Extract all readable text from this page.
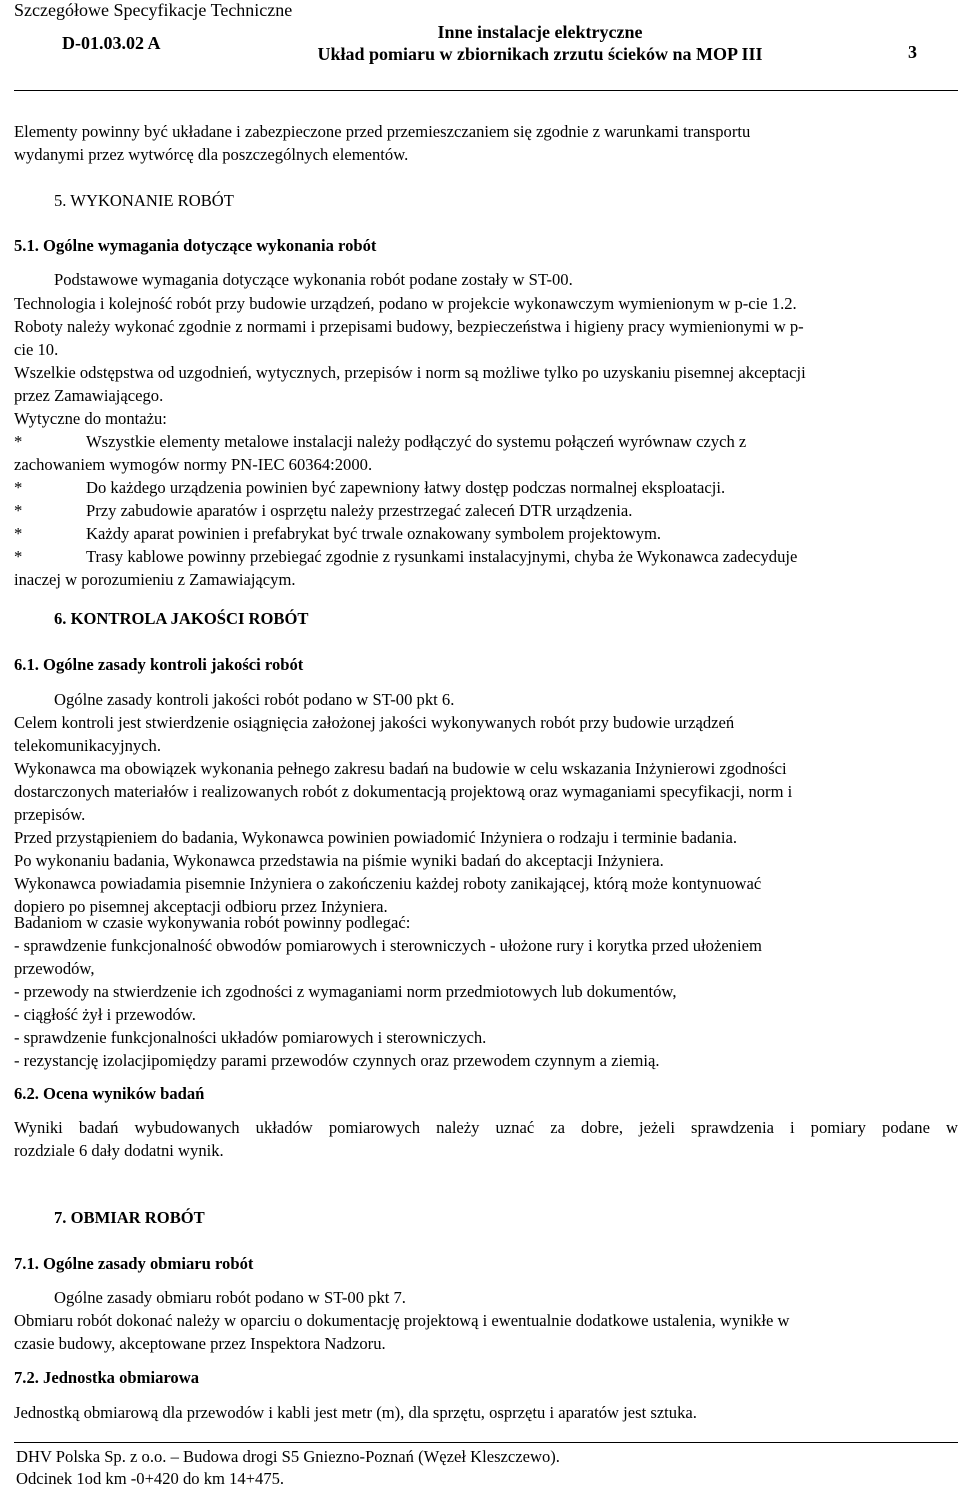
Szczegółowe Specyfikacje Techniczne
D-01.03.02 A
Inne instalacje elektryczne
Układ pomiaru w zbiornikach zrzutu ścieków na MOP III	3
Elementy powinny być układane i zabezpieczone przed przemieszczaniem się zgodnie z warunkami transportu
wydanymi przez wytwórcę dla poszczególnych elementów.
5. WYKONANIE ROBÓT
5.1. Ogólne wymagania dotyczące wykonania robót
Podstawowe wymagania dotyczące wykonania robót podane zostały w ST-00.
Technologia i kolejność robót przy budowie urządzeń, podano w projekcie wykonawczym wymienionym w p-cie 1.2.
Roboty należy wykonać zgodnie z normami i przepisami budowy, bezpieczeństwa i higieny pracy wymienionymi w p-
cie 10.
Wszelkie odstępstwa od uzgodnień, wytycznych, przepisów i norm są możliwe tylko po uzyskaniu pisemnej akceptacji
przez Zamawiającego.
Wytyczne do montażu:
*	Wszystkie elementy metalowe instalacji należy podłączyć do systemu połączeń wyrównaw czych z
zachowaniem wymogów normy PN-IEC 60364:2000.
*	Do każdego urządzenia powinien być zapewniony łatwy dostęp podczas normalnej eksploatacji.
*	Przy zabudowie aparatów i osprzętu należy przestrzegać zaleceń DTR urządzenia.
*	Każdy aparat powinien i prefabrykat być trwale oznakowany symbolem projektowym.
*	Trasy kablowe powinny przebiegać zgodnie z rysunkami instalacyjnymi, chyba że Wykonawca zadecyduje
inaczej w porozumieniu z Zamawiającym.
6. KONTROLA JAKOŚCI ROBÓT
6.1. Ogólne zasady kontroli jakości robót
Ogólne zasady kontroli jakości robót podano w ST-00 pkt 6.
Celem kontroli jest stwierdzenie osiągnięcia założonej jakości wykonywanych robót przy budowie urządzeń
telekomunikacyjnych.
Wykonawca ma obowiązek wykonania pełnego zakresu badań na budowie w celu wskazania Inżynierowi zgodności
dostarczonych materiałów i realizowanych robót z dokumentacją projektową oraz wymaganiami specyfikacji, norm i
przepisów.
Przed przystąpieniem do badania, Wykonawca powinien powiadomić Inżyniera o rodzaju i terminie badania.
Po wykonaniu badania, Wykonawca przedstawia na piśmie wyniki badań do akceptacji Inżyniera.
Wykonawca powiadamia pisemnie Inżyniera o zakończeniu każdej roboty zanikającej, którą może kontynuować
dopiero po pisemnej akceptacji odbioru przez Inżyniera.
Badaniom w czasie wykonywania robót powinny podlegać:
- sprawdzenie funkcjonalność obwodów pomiarowych i sterowniczych - ułożone rury i korytka przed ułożeniem
przewodów,
- przewody na stwierdzenie ich zgodności z wymaganiami norm przedmiotowych lub dokumentów,
- ciągłość żył i przewodów.
- sprawdzenie funkcjonalności układów pomiarowych i sterowniczych.
- rezystancję izolacjipomiędzy parami przewodów czynnych oraz przewodem czynnym a ziemią.
6.2. Ocena wyników badań
Wyniki badań wybudowanych układów pomiarowych należy uznać za dobre, jeżeli sprawdzenia i pomiary podane w
rozdziale 6 dały dodatni wynik.
7. OBMIAR ROBÓT
7.1. Ogólne zasady obmiaru robót
Ogólne zasady obmiaru robót podano w ST-00 pkt 7.
Obmiaru robót dokonać należy w oparciu o dokumentację projektową i ewentualnie dodatkowe ustalenia, wynikłe w
czasie budowy, akceptowane przez Inspektora Nadzoru.
7.2. Jednostka obmiarowa
Jednostką obmiarową dla przewodów i kabli jest metr (m), dla sprzętu, osprzętu i aparatów jest sztuka.
DHV Polska Sp. z o.o. – Budowa drogi S5 Gniezno-Poznań (Węzeł Kleszczewo).
Odcinek 1od km -0+420 do km 14+475.
